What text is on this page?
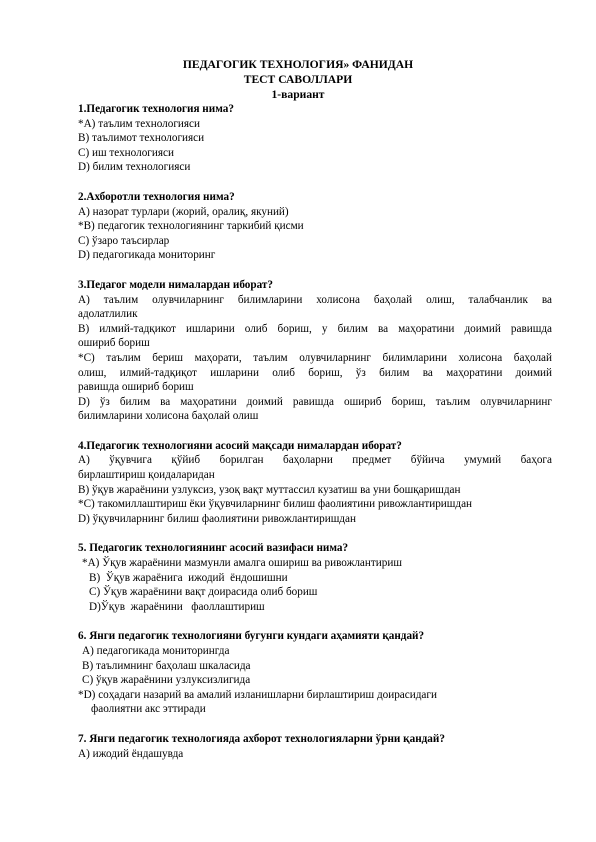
ПЕДАГОГИК ТЕХНОЛОГИЯ» ФАНИДАН
ТЕСТ САВОЛЛАРИ
1-вариант
1.Педагогик технология нима?
*А) таълим технологияси
В) таълимот технологияси
С) иш технологияси
D) билим технологияси
2.Ахборотли технология нима?
А) назорат турлари (жорий, оралиқ, якуний)
*В) педагогик технологиянинг таркибий қисми
С) ўзаро таъсирлар
D) педагогикада мониторинг
3.Педагог модели нималардан иборат?
А) таълим олувчиларнинг билимларини холисона баҳолай олиш, талабчанлик ва
адолатлилик
В) илмий-тадқикот ишларини олиб бориш, у билим ва маҳоратини доимий равишда
ошириб бориш
*С) таълим бериш маҳорати, таълим олувчиларнинг билимларини холисона баҳолай
олиш, илмий-тадқиқот ишларини олиб бориш, ўз билим ва маҳоратини доимий
равишда ошириб бориш
D) ўз билим ва маҳоратини доимий равишда ошириб бориш, таълим олувчиларнинг
билимларини холисона баҳолай олиш
4.Педагогик технологияни асосий мақсади нималардан иборат?
А) ўқувчига қўйиб борилган баҳоларни предмет бўйича умумий баҳога
бирлаштириш қоидаларидан
В) ўқув жараёнини узлуксиз, узоқ вақт муттассил кузатиш ва уни бошқаришдан
*С) такомиллаштириш ёки ўқувчиларнинг билиш фаолиятини ривожлантиришдан
D) ўқувчиларнинг билиш фаолиятини ривожлантиришдан
5. Педагогик технологиянинг асосий вазифаси нима?
*А) Ўқув жараёнини мазмунли амалга ошириш ва ривожлантириш
В)  Ўқув жараёнига  ижодий  ёндошишни
С) Ўқув жараёнини вақт доирасида олиб бориш
D)Ўқув  жараёнини   фаоллаштириш
6. Янги педагогик технологияни бугунги кундаги аҳамияти қандай?
А) педагогикада мониторингда
В) таълимнинг баҳолаш шкаласида
С) ўқув жараёнини узлуксизлигида
*D) соҳадаги назарий ва амалий изланишларни бирлаштириш доирасидаги
фаолиятни акс эттиради
7. Янги педагогик технологияда ахборот технологияларни ўрни қандай?
А) ижодий ёндашувда
